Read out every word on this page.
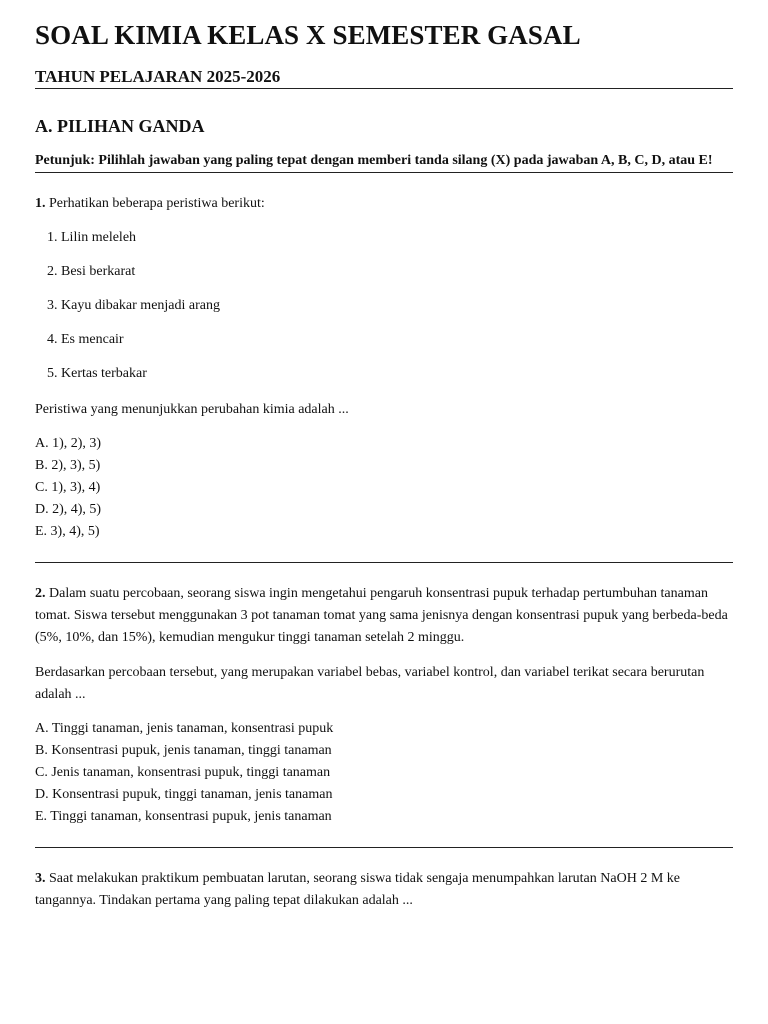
SOAL KIMIA KELAS X SEMESTER GASAL
TAHUN PELAJARAN 2025-2026
A. PILIHAN GANDA

Petunjuk: Pilihlah jawaban yang paling tepat dengan memberi tanda silang (X) pada jawaban A, B, C, D, atau E!

1. Perhatikan beberapa peristiwa berikut:

1. Lilin meleleh
2. Besi berkarat
3. Kayu dibakar menjadi arang
4. Es mencair
5. Kertas terbakar

Peristiwa yang menunjukkan perubahan kimia adalah ...

A. 1), 2), 3)
B. 2), 3), 5)
C. 1), 3), 4)
D. 2), 4), 5)
E. 3), 4), 5)

2. Dalam suatu percobaan, seorang siswa ingin mengetahui pengaruh konsentrasi pupuk terhadap pertumbuhan tanaman tomat. Siswa tersebut menggunakan 3 pot tanaman tomat yang sama jenisnya dengan konsentrasi pupuk yang berbeda-beda (5%, 10%, dan 15%), kemudian mengukur tinggi tanaman setelah 2 minggu.

Berdasarkan percobaan tersebut, yang merupakan variabel bebas, variabel kontrol, dan variabel terikat secara berurutan adalah ...

A. Tinggi tanaman, jenis tanaman, konsentrasi pupuk
B. Konsentrasi pupuk, jenis tanaman, tinggi tanaman
C. Jenis tanaman, konsentrasi pupuk, tinggi tanaman
D. Konsentrasi pupuk, tinggi tanaman, jenis tanaman
E. Tinggi tanaman, konsentrasi pupuk, jenis tanaman

3. Saat melakukan praktikum pembuatan larutan, seorang siswa tidak sengaja menumpahkan larutan NaOH 2 M ke tangannya. Tindakan pertama yang paling tepat dilakukan adalah ...
